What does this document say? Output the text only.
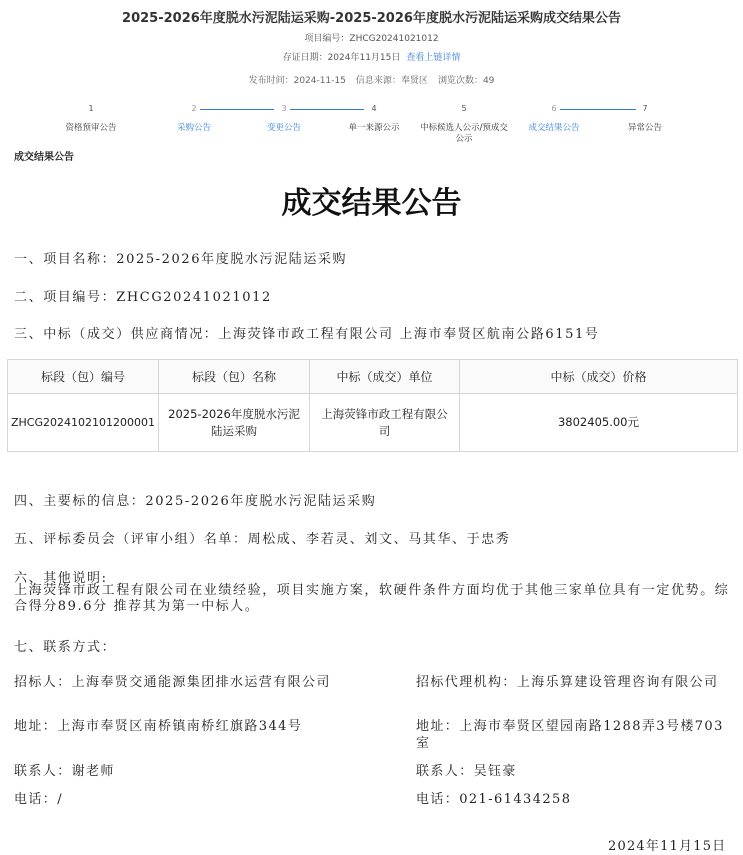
2025-2026年度脱水污泥陆运采购-2025-2026年度脱水污泥陆运采购成交结果公告
项目编号：ZHCG20241021012
存证日期：2024年11月15日 查看上链详情
发布时间：2024-11-15 信息来源：奉贤区 浏览次数：49
1
资格预审公告
2
采购公告
3
变更公告
4
单一来源公示
5
中标候选人公示/预成交公示
6
成交结果公告
7
异常公告
成交结果公告
成交结果公告
一、项目名称：2025-2026年度脱水污泥陆运采购
二、项目编号：ZHCG20241021012
三、中标（成交）供应商情况：上海荧锋市政工程有限公司 上海市奉贤区航南公路6151号
标段（包）编号	标段（包）名称	中标（成交）单位	中标（成交）价格
ZHCG2024102101200001	2025-2026年度脱水污泥陆运采购	上海荧锋市政工程有限公司	3802405.00元
四、主要标的信息：2025-2026年度脱水污泥陆运采购
五、评标委员会（评审小组）名单：周松成、李若灵、刘文、马其华、于忠秀
六、其他说明:
上海荧锋市政工程有限公司在业绩经验，项目实施方案，软硬件条件方面均优于其他三家单位具有一定优势。综合得分89.6分 推荐其为第一中标人。
七、联系方式：
招标人：上海奉贤交通能源集团排水运营有限公司
地址：上海市奉贤区南桥镇南桥红旗路344号
联系人：谢老师
电话：/
招标代理机构：上海乐算建设管理咨询有限公司
地址：上海市奉贤区望园南路1288弄3号楼703室
联系人：吴钰豪
电话：021-61434258
2024年11月15日
